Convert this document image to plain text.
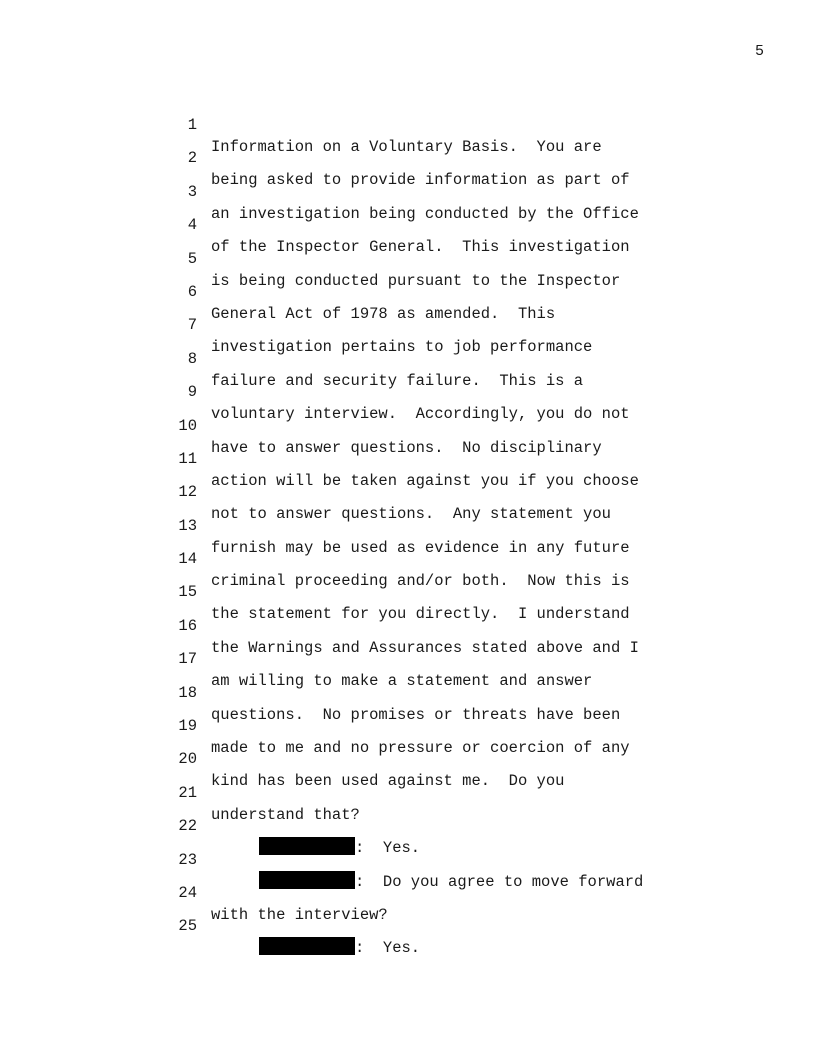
5

1

Information on a Voluntary Basis.  You are

2

being asked to provide information as part of

3

an investigation being conducted by the Office

4

of the Inspector General.  This investigation

5

is being conducted pursuant to the Inspector

6

General Act of 1978 as amended.  This

7

investigation pertains to job performance

8

failure and security failure.  This is a

9

voluntary interview.  Accordingly, you do not

10

have to answer questions.  No disciplinary

11

action will be taken against you if you choose

12

not to answer questions.  Any statement you

13

furnish may be used as evidence in any future

14

criminal proceeding and/or both.  Now this is

15

the statement for you directly.  I understand

16

the Warnings and Assurances stated above and I

17

am willing to make a statement and answer

18

questions.  No promises or threats have been

19

made to me and no pressure or coercion of any

20

kind has been used against me.  Do you

21

understand that?

22

:  Yes.

23

:  Do you agree to move forward

24

with the interview?

25

:  Yes.
